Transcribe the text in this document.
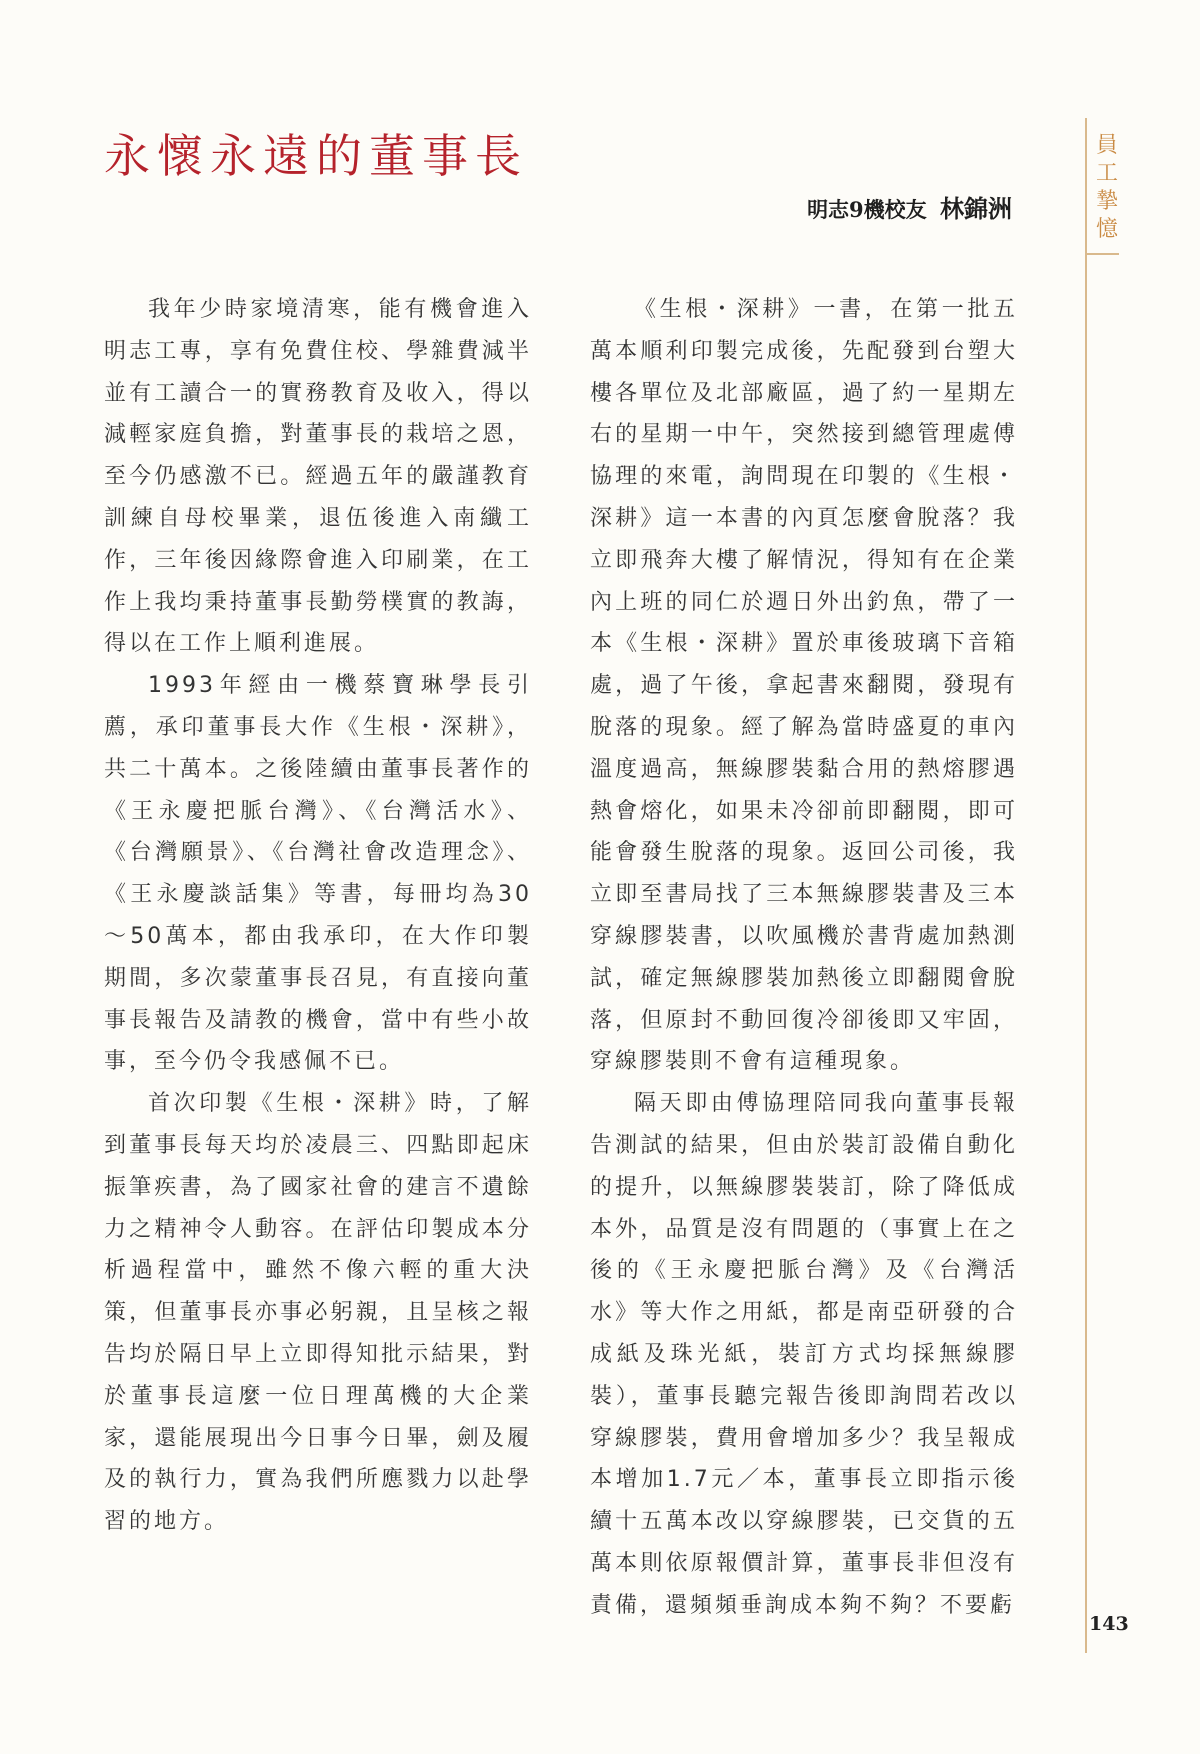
永懷永遠的董事長
明志9機校友 林錦洲
員
工
摯
憶

我年少時家境清寒，能有機會進入明志工專，享有免費住校、學雜費減半並有工讀合一的實務教育及收入，得以減輕家庭負擔，對董事長的栽培之恩，至今仍感激不已。經過五年的嚴謹教育訓練自母校畢業，退伍後進入南纖工作，三年後因緣際會進入印刷業，在工作上我均秉持董事長勤勞樸實的教誨，得以在工作上順利進展。

1993年經由一機蔡寶琳學長引薦，承印董事長大作《生根・深耕》，共二十萬本。之後陸續由董事長著作的《王永慶把脈台灣》、《台灣活水》、《台灣願景》、《台灣社會改造理念》、《王永慶談話集》等書，每冊均為30～50萬本，都由我承印，在大作印製期間，多次蒙董事長召見，有直接向董事長報告及請教的機會，當中有些小故事，至今仍令我感佩不已。

首次印製《生根・深耕》時，了解到董事長每天均於凌晨三、四點即起床振筆疾書，為了國家社會的建言不遺餘力之精神令人動容。在評估印製成本分析過程當中，雖然不像六輕的重大決策，但董事長亦事必躬親，且呈核之報告均於隔日早上立即得知批示結果，對於董事長這麼一位日理萬機的大企業家，還能展現出今日事今日畢，劍及履及的執行力，實為我們所應戮力以赴學習的地方。

《生根・深耕》一書，在第一批五萬本順利印製完成後，先配發到台塑大樓各單位及北部廠區，過了約一星期左右的星期一中午，突然接到總管理處傅協理的來電，詢問現在印製的《生根・深耕》這一本書的內頁怎麼會脫落？我立即飛奔大樓了解情況，得知有在企業內上班的同仁於週日外出釣魚，帶了一本《生根・深耕》置於車後玻璃下音箱處，過了午後，拿起書來翻閱，發現有脫落的現象。經了解為當時盛夏的車內溫度過高，無線膠裝黏合用的熱熔膠遇熱會熔化，如果未冷卻前即翻閱，即可能會發生脫落的現象。返回公司後，我立即至書局找了三本無線膠裝書及三本穿線膠裝書，以吹風機於書背處加熱測試，確定無線膠裝加熱後立即翻閱會脫落，但原封不動回復冷卻後即又牢固，穿線膠裝則不會有這種現象。

隔天即由傅協理陪同我向董事長報告測試的結果，但由於裝訂設備自動化的提升，以無線膠裝裝訂，除了降低成本外，品質是沒有問題的（事實上在之後的《王永慶把脈台灣》及《台灣活水》等大作之用紙，都是南亞研發的合成紙及珠光紙，裝訂方式均採無線膠裝），董事長聽完報告後即詢問若改以穿線膠裝，費用會增加多少？我呈報成本增加1.7元／本，董事長立即指示後續十五萬本改以穿線膠裝，已交貨的五萬本則依原報價計算，董事長非但沒有責備，還頻頻垂詢成本夠不夠？不要虧

143
